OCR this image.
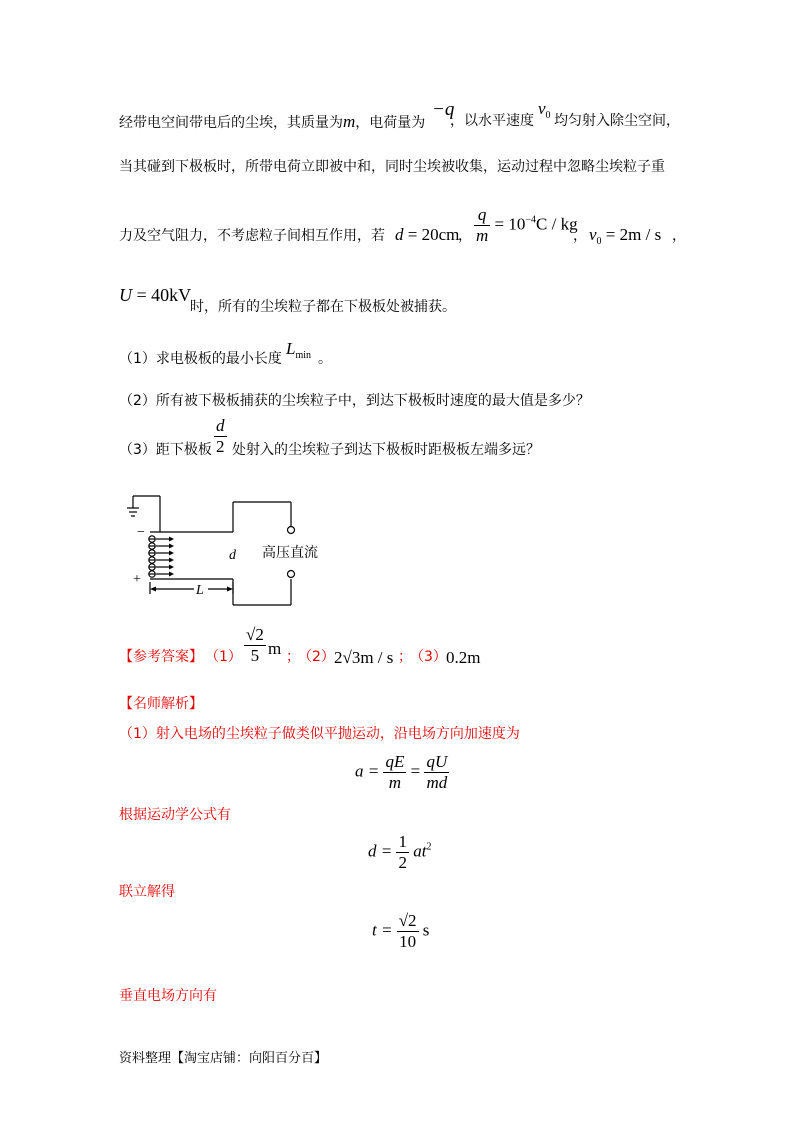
经带电空间带电后的尘埃，其质量为m，电荷量为
−q
，以水平速度
$v_0$ 均匀射入除尘空间，
当其碰到下极板时，所带电荷立即被中和，同时尘埃被收集，运动过程中忽略尘埃粒子重
力及空气阻力，不考虑粒子间相互作用，若 d = 20cm
， $\frac{q}{m} = 10^{-4}C$ / kg
， $v_0 = 2m / s$ ，
U = 40kV
时，所有的尘埃粒子都在下极板处被捕获。
（1）求电极板的最小长度
$L_{min}$ 。
（2）所有被下极板捕获的尘埃粒子中，到达下极板时速度的最大值是多少？
（3）距下极板 $\frac{d}{2}$ 处射入的尘埃粒子到达下极板时距极板左端多远？
−
+
d
L
高压直流
【参考答案】 $(1) \frac{√2}{5}$ m ；
（2） 2√3m / s ；
（3） 0.2m
【名师解析】
（1）射入电场的尘埃粒子做类似平抛运动，沿电场方向加速度为
$a = \frac{qE}{m} = \frac{qU}{md}$
根据运动学公式有
$d = \frac{1}{2} at^2$
联立解得
$t = \frac{√2}{10}$ s
垂直电场方向有
资料整理【淘宝店铺：向阳百分百】
